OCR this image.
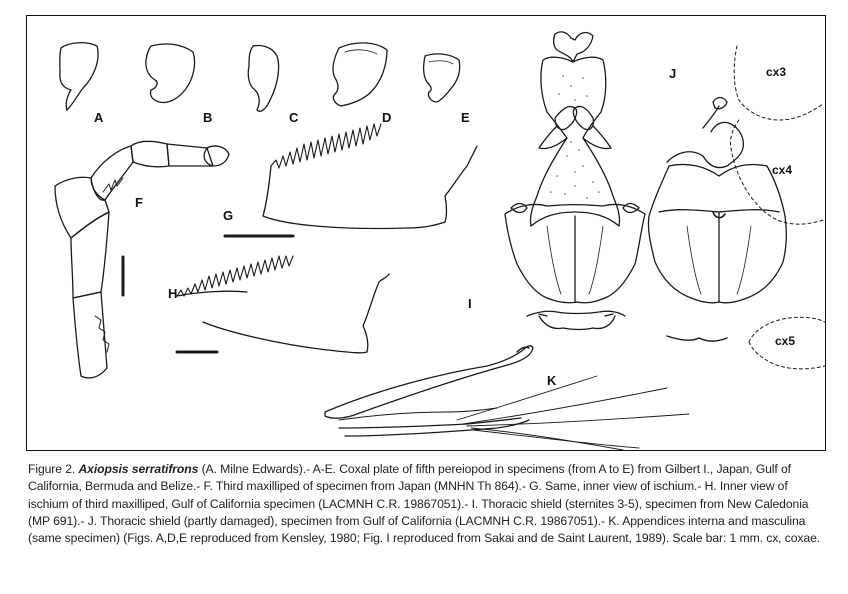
A	B	C	D	E
F
G
H
I
J
K
cx3
cx4
cx5
Figure 2. Axiopsis serratifrons (A. Milne Edwards).- A-E. Coxal plate of fifth pereiopod in specimens (from A to E) from Gilbert I., Japan, Gulf of California, Bermuda and Belize.- F. Third maxilliped of specimen from Japan (MNHN Th 864).- G. Same, inner view of ischium.- H. Inner view of ischium of third maxilliped, Gulf of California specimen (LACMNH C.R. 19867051).- I. Thoracic shield (sternites 3-5), specimen from New Caledonia (MP 691).- J. Thoracic shield (partly damaged), specimen from Gulf of California (LACMNH C.R. 19867051).- K. Appendices interna and masculina (same specimen) (Figs. A,D,E reproduced from Kensley, 1980; Fig. I reproduced from Sakai and de Saint Laurent, 1989). Scale bar: 1 mm. cx, coxae.
